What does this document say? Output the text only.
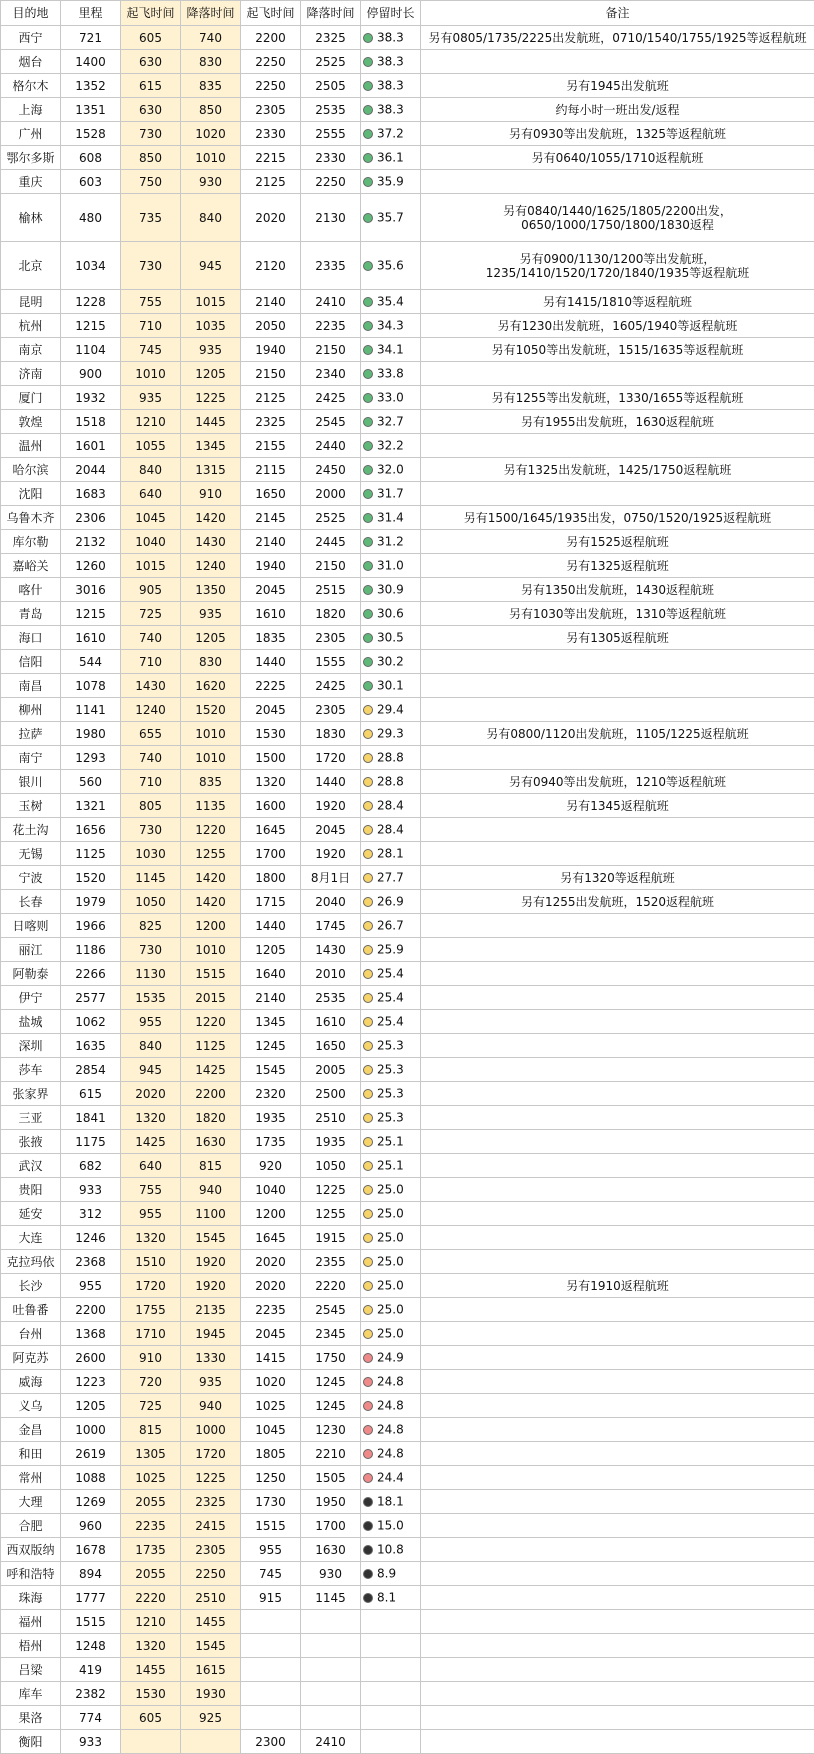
目的地	里程	起飞时间	降落时间	起飞时间	降落时间	停留时长	备注
西宁	721	605	740	2200	2325	38.3	另有0805/1735/2225出发航班，0710/1540/1755/1925等返程航班
烟台	1400	630	830	2250	2525	38.3	
格尔木	1352	615	835	2250	2505	38.3	另有1945出发航班
上海	1351	630	850	2305	2535	38.3	约每小时一班出发/返程
广州	1528	730	1020	2330	2555	37.2	另有0930等出发航班，1325等返程航班
鄂尔多斯	608	850	1010	2215	2330	36.1	另有0640/1055/1710返程航班
重庆	603	750	930	2125	2250	35.9	
榆林	480	735	840	2020	2130	35.7	另有0840/1440/1625/1805/2200出发，0650/1000/1750/1800/1830返程
北京	1034	730	945	2120	2335	35.6	另有0900/1130/1200等出发航班，1235/1410/1520/1720/1840/1935等返程航班
昆明	1228	755	1015	2140	2410	35.4	另有1415/1810等返程航班
杭州	1215	710	1035	2050	2235	34.3	另有1230出发航班，1605/1940等返程航班
南京	1104	745	935	1940	2150	34.1	另有1050等出发航班，1515/1635等返程航班
济南	900	1010	1205	2150	2340	33.8	
厦门	1932	935	1225	2125	2425	33.0	另有1255等出发航班，1330/1655等返程航班
敦煌	1518	1210	1445	2325	2545	32.7	另有1955出发航班，1630返程航班
温州	1601	1055	1345	2155	2440	32.2	
哈尔滨	2044	840	1315	2115	2450	32.0	另有1325出发航班，1425/1750返程航班
沈阳	1683	640	910	1650	2000	31.7	
乌鲁木齐	2306	1045	1420	2145	2525	31.4	另有1500/1645/1935出发，0750/1520/1925返程航班
库尔勒	2132	1040	1430	2140	2445	31.2	另有1525返程航班
嘉峪关	1260	1015	1240	1940	2150	31.0	另有1325返程航班
喀什	3016	905	1350	2045	2515	30.9	另有1350出发航班，1430返程航班
青岛	1215	725	935	1610	1820	30.6	另有1030等出发航班，1310等返程航班
海口	1610	740	1205	1835	2305	30.5	另有1305返程航班
信阳	544	710	830	1440	1555	30.2	
南昌	1078	1430	1620	2225	2425	30.1	
柳州	1141	1240	1520	2045	2305	29.4	
拉萨	1980	655	1010	1530	1830	29.3	另有0800/1120出发航班，1105/1225返程航班
南宁	1293	740	1010	1500	1720	28.8	
银川	560	710	835	1320	1440	28.8	另有0940等出发航班，1210等返程航班
玉树	1321	805	1135	1600	1920	28.4	另有1345返程航班
花土沟	1656	730	1220	1645	2045	28.4	
无锡	1125	1030	1255	1700	1920	28.1	
宁波	1520	1145	1420	1800	8月1日	27.7	另有1320等返程航班
长春	1979	1050	1420	1715	2040	26.9	另有1255出发航班，1520返程航班
日喀则	1966	825	1200	1440	1745	26.7	
丽江	1186	730	1010	1205	1430	25.9	
阿勒泰	2266	1130	1515	1640	2010	25.4	
伊宁	2577	1535	2015	2140	2535	25.4	
盐城	1062	955	1220	1345	1610	25.4	
深圳	1635	840	1125	1245	1650	25.3	
莎车	2854	945	1425	1545	2005	25.3	
张家界	615	2020	2200	2320	2500	25.3	
三亚	1841	1320	1820	1935	2510	25.3	
张掖	1175	1425	1630	1735	1935	25.1	
武汉	682	640	815	920	1050	25.1	
贵阳	933	755	940	1040	1225	25.0	
延安	312	955	1100	1200	1255	25.0	
大连	1246	1320	1545	1645	1915	25.0	
克拉玛依	2368	1510	1920	2020	2355	25.0	
长沙	955	1720	1920	2020	2220	25.0	另有1910返程航班
吐鲁番	2200	1755	2135	2235	2545	25.0	
台州	1368	1710	1945	2045	2345	25.0	
阿克苏	2600	910	1330	1415	1750	24.9	
威海	1223	720	935	1020	1245	24.8	
义乌	1205	725	940	1025	1245	24.8	
金昌	1000	815	1000	1045	1230	24.8	
和田	2619	1305	1720	1805	2210	24.8	
常州	1088	1025	1225	1250	1505	24.4	
大理	1269	2055	2325	1730	1950	18.1	
合肥	960	2235	2415	1515	1700	15.0	
西双版纳	1678	1735	2305	955	1630	10.8	
呼和浩特	894	2055	2250	745	930	8.9	
珠海	1777	2220	2510	915	1145	8.1	
福州	1515	1210	1455				
梧州	1248	1320	1545				
吕梁	419	1455	1615				
库车	2382	1530	1930				
果洛	774	605	925				
衡阳	933			2300	2410		
